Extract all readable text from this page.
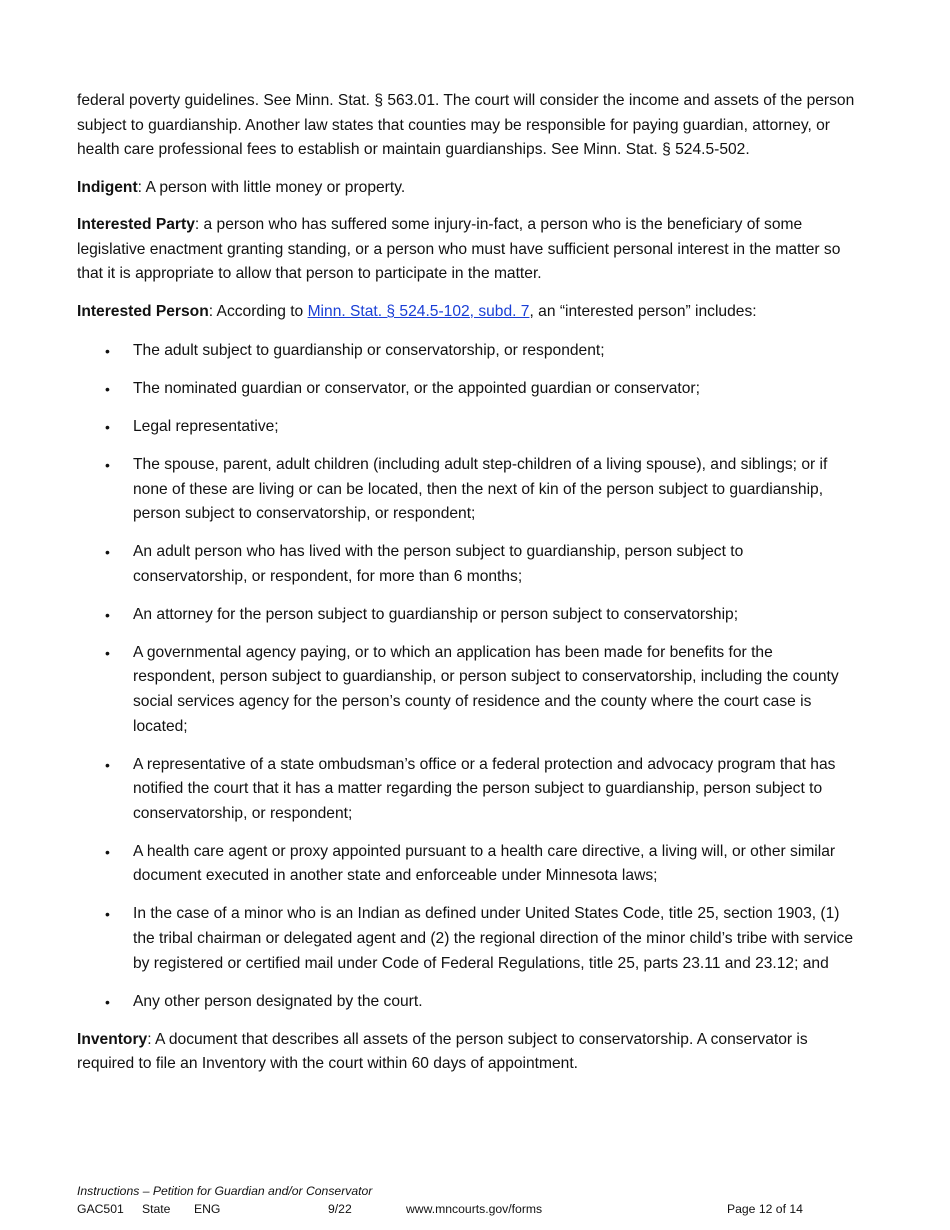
federal poverty guidelines. See Minn. Stat. § 563.01. The court will consider the income and assets of the person subject to guardianship. Another law states that counties may be responsible for paying guardian, attorney, or health care professional fees to establish or maintain guardianships. See Minn. Stat. § 524.5-502.

Indigent: A person with little money or property.

Interested Party: a person who has suffered some injury-in-fact, a person who is the beneficiary of some legislative enactment granting standing, or a person who must have sufficient personal interest in the matter so that it is appropriate to allow that person to participate in the matter.

Interested Person: According to Minn. Stat. § 524.5-102, subd. 7, an “interested person” includes:

• The adult subject to guardianship or conservatorship, or respondent;
• The nominated guardian or conservator, or the appointed guardian or conservator;
• Legal representative;
• The spouse, parent, adult children (including adult step-children of a living spouse), and siblings; or if none of these are living or can be located, then the next of kin of the person subject to guardianship, person subject to conservatorship, or respondent;
• An adult person who has lived with the person subject to guardianship, person subject to conservatorship, or respondent, for more than 6 months;
• An attorney for the person subject to guardianship or person subject to conservatorship;
• A governmental agency paying, or to which an application has been made for benefits for the respondent, person subject to guardianship, or person subject to conservatorship, including the county social services agency for the person’s county of residence and the county where the court case is located;
• A representative of a state ombudsman’s office or a federal protection and advocacy program that has notified the court that it has a matter regarding the person subject to guardianship, person subject to conservatorship, or respondent;
• A health care agent or proxy appointed pursuant to a health care directive, a living will, or other similar document executed in another state and enforceable under Minnesota laws;
• In the case of a minor who is an Indian as defined under United States Code, title 25, section 1903, (1) the tribal chairman or delegated agent and (2) the regional direction of the minor child’s tribe with service by registered or certified mail under Code of Federal Regulations, title 25, parts 23.11 and 23.12; and
• Any other person designated by the court.

Inventory: A document that describes all assets of the person subject to conservatorship. A conservator is required to file an Inventory with the court within 60 days of appointment.

Instructions – Petition for Guardian and/or Conservator
GAC501 State ENG	9/22	www.mncourts.gov/forms	Page 12 of 14
